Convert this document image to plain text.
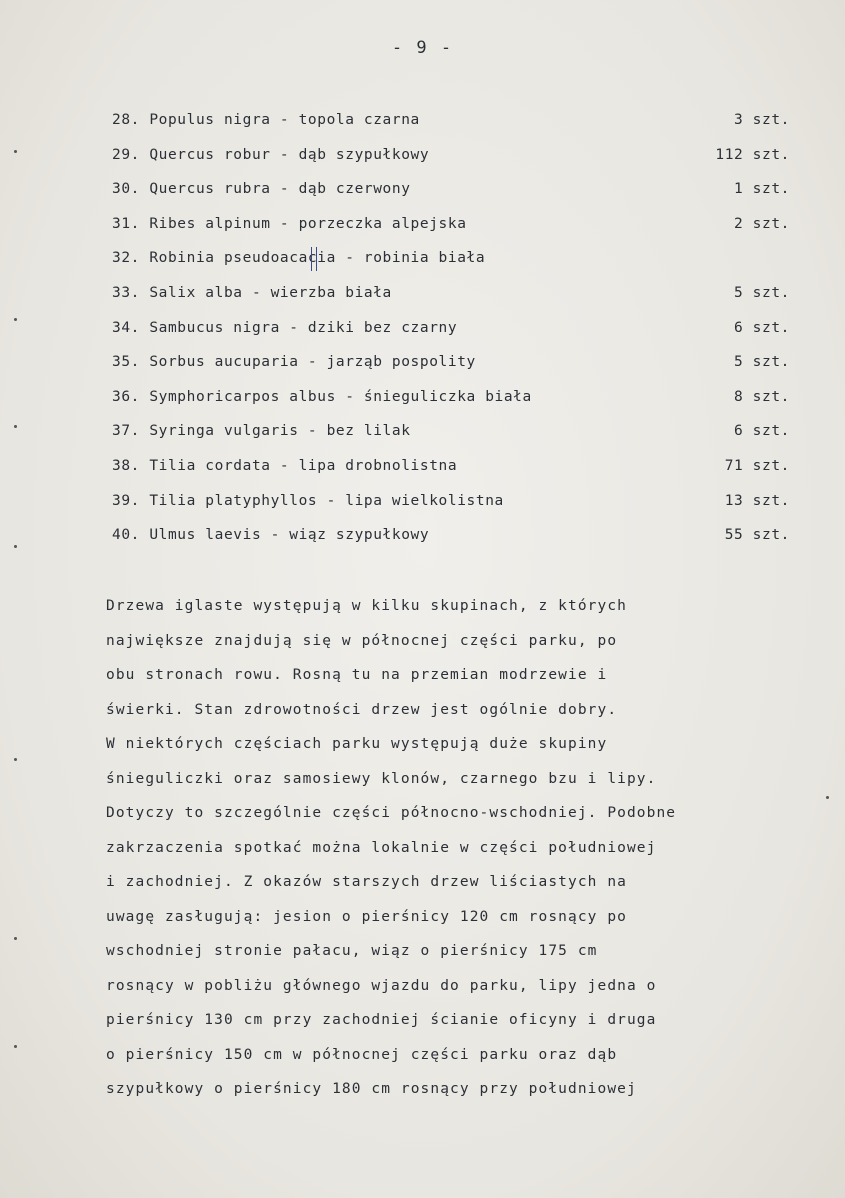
- 9 -
28. Populus nigra - topola czarna	3 szt.
29. Quercus robur - dąb szypułkowy	112 szt.
30. Quercus rubra - dąb czerwony	1 szt.
31. Ribes alpinum - porzeczka alpejska	2 szt.
32. Robinia pseudoacacia - robinia biała
33. Salix alba - wierzba biała	5 szt.
34. Sambucus nigra - dziki bez czarny	6 szt.
35. Sorbus aucuparia - jarząb pospolity	5 szt.
36. Symphoricarpos albus - śnieguliczka biała	8 szt.
37. Syringa vulgaris - bez lilak	6 szt.
38. Tilia cordata - lipa drobnolistna	71 szt.
39. Tilia platyphyllos - lipa wielkolistna	13 szt.
40. Ulmus laevis - wiąz szypułkowy	55 szt.
Drzewa iglaste występują w kilku skupinach, z których
największe znajdują się w północnej części parku, po
obu stronach rowu. Rosną tu na przemian modrzewie i
świerki. Stan zdrowotności drzew jest ogólnie dobry.
W niektórych częściach parku występują duże skupiny
śnieguliczki oraz samosiewy klonów, czarnego bzu i lipy.
Dotyczy to szczególnie części północno-wschodniej. Podobne
zakrzaczenia spotkać można lokalnie w części południowej
i zachodniej. Z okazów starszych drzew liściastych na
uwagę zasługują: jesion o pierśnicy 120 cm rosnący po
wschodniej stronie pałacu, wiąz o pierśnicy 175 cm
rosnący w pobliżu głównego wjazdu do parku, lipy jedna o
pierśnicy 130 cm przy zachodniej ścianie oficyny i druga
o pierśnicy 150 cm w północnej części parku oraz dąb
szypułkowy o pierśnicy 180 cm rosnący przy południowej
